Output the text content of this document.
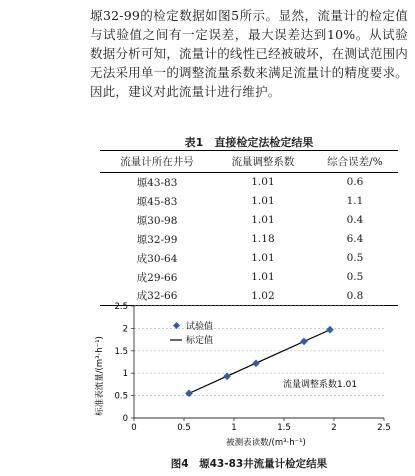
塬32-99的检定数据如图5所示。显然，流量计的检定值与试验值之间有一定误差，最大误差达到10%。从试验数据分析可知，流量计的线性已经被破坏，在测试范围内无法采用单一的调整流量系数来满足流量计的精度要求。因此，建议对此流量计进行维护。

表1　直接检定法检定结果
流量计所在井号	流量调整系数	综合误差/%
塬43-83	1.01	0.6
塬45-83	1.01	1.1
塬30-98	1.01	0.4
塬32-99	1.18	6.4
成30-64	1.01	0.5
成29-66	1.01	0.5
成32-66	1.02	0.8
0
0.5
1
1.5
2
2.5
0	0.5	1	1.5	2	2.5
试验值
标定值
流量调整系数1.01
被测表读数/(m³·h⁻¹)
标准表流量/(m³·h⁻¹)
图4　塬43-83井流量计检定结果
